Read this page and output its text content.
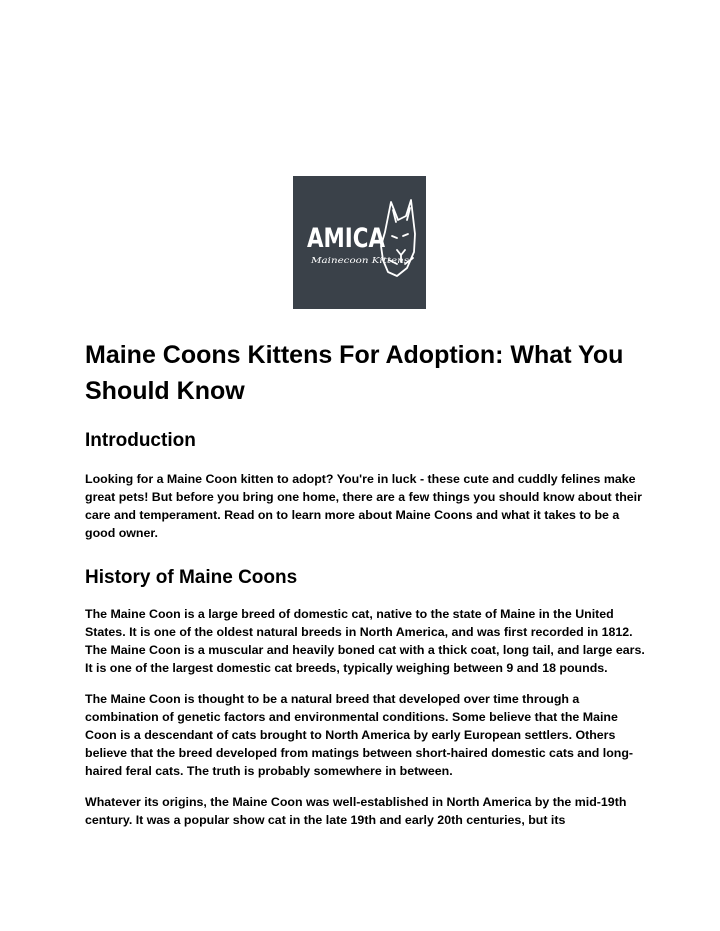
AMICA
Mainecoon Kittens
Maine Coons Kittens For Adoption: What You Should Know
Introduction

Looking for a Maine Coon kitten to adopt? You're in luck - these cute and cuddly felines make great pets! But before you bring one home, there are a few things you should know about their care and temperament. Read on to learn more about Maine Coons and what it takes to be a good owner.

History of Maine Coons

The Maine Coon is a large breed of domestic cat, native to the state of Maine in the United States. It is one of the oldest natural breeds in North America, and was first recorded in 1812. The Maine Coon is a muscular and heavily boned cat with a thick coat, long tail, and large ears. It is one of the largest domestic cat breeds, typically weighing between 9 and 18 pounds.

The Maine Coon is thought to be a natural breed that developed over time through a combination of genetic factors and environmental conditions. Some believe that the Maine Coon is a descendant of cats brought to North America by early European settlers. Others believe that the breed developed from matings between short-haired domestic cats and long-haired feral cats. The truth is probably somewhere in between.

Whatever its origins, the Maine Coon was well-established in North America by the mid-19th century. It was a popular show cat in the late 19th and early 20th centuries, but its
